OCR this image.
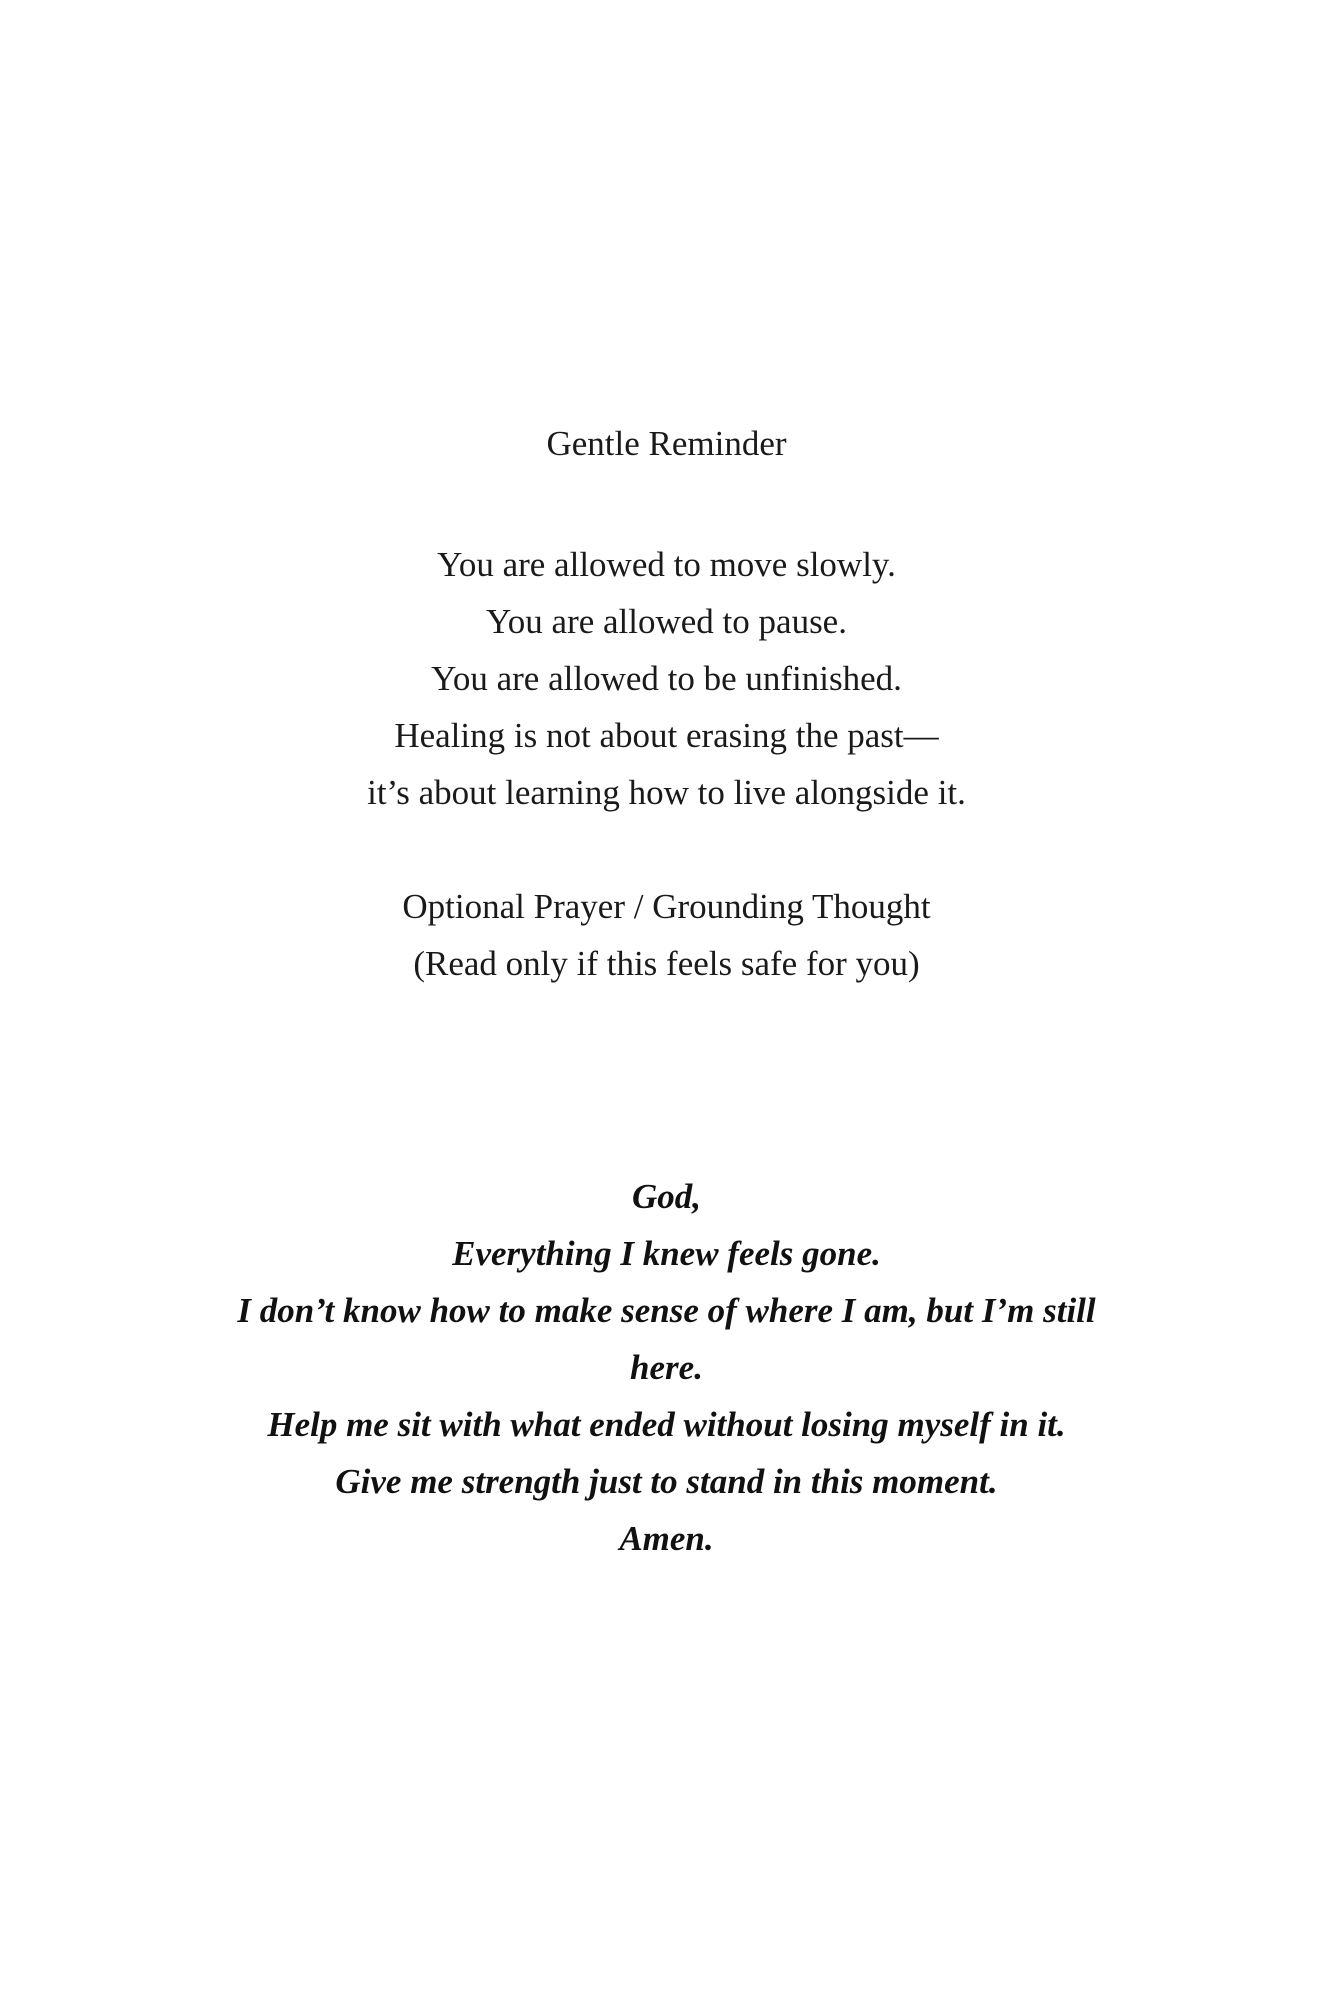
Gentle Reminder
You are allowed to move slowly.
You are allowed to pause.
You are allowed to be unfinished.
Healing is not about erasing the past—
it’s about learning how to live alongside it.
Optional Prayer / Grounding Thought
(Read only if this feels safe for you)
God,
Everything I knew feels gone.
I don’t know how to make sense of where I am, but I’m still
here.
Help me sit with what ended without losing myself in it.
Give me strength just to stand in this moment.
Amen.
